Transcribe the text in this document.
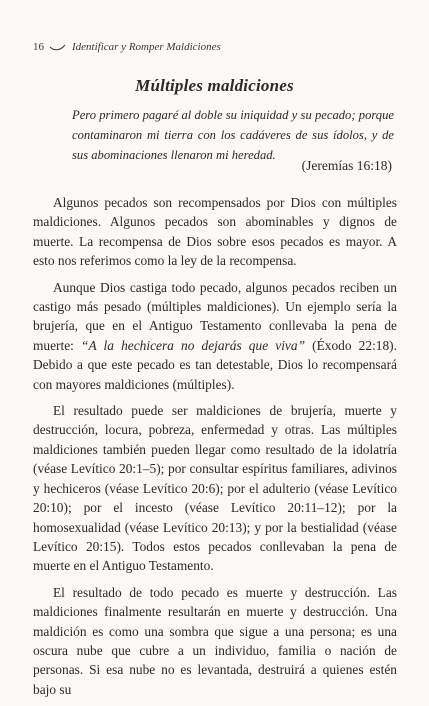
16	Identificar y Romper Maldiciones
Múltiples maldiciones
Pero primero pagaré al doble su iniquidad y su pecado; porque contaminaron mi tierra con los cadáveres de sus ídolos, y de sus abominaciones llenaron mi heredad.
(Jeremías 16:18)

Algunos pecados son recompensados por Dios con múltiples maldiciones. Algunos pecados son abominables y dignos de muerte. La recompensa de Dios sobre esos pecados es mayor. A esto nos referimos como la ley de la recompensa.

Aunque Dios castiga todo pecado, algunos pecados reciben un castigo más pesado (múltiples maldiciones). Un ejemplo sería la brujería, que en el Antiguo Testamento conllevaba la pena de muerte: “A la hechicera no dejarás que viva” (Éxodo 22:18). Debido a que este pecado es tan detestable, Dios lo recompensará con mayores maldiciones (múltiples).

El resultado puede ser maldiciones de brujería, muerte y destrucción, locura, pobreza, enfermedad y otras. Las múltiples maldiciones también pueden llegar como resultado de la idolatría (véase Levítico 20:1–5); por consultar espíritus familiares, adivinos y hechiceros (véase Levítico 20:6); por el adulterio (véase Levítico 20:10); por el incesto (véase Levítico 20:11–12); por la homosexualidad (véase Levítico 20:13); y por la bestialidad (véase Levítico 20:15). Todos estos pecados conllevaban la pena de muerte en el Antiguo Testamento.

El resultado de todo pecado es muerte y destrucción. Las maldiciones finalmente resultarán en muerte y destrucción. Una maldición es como una sombra que sigue a una persona; es una oscura nube que cubre a un individuo, familia o nación de personas. Si esa nube no es levantada, destruirá a quienes estén bajo su
